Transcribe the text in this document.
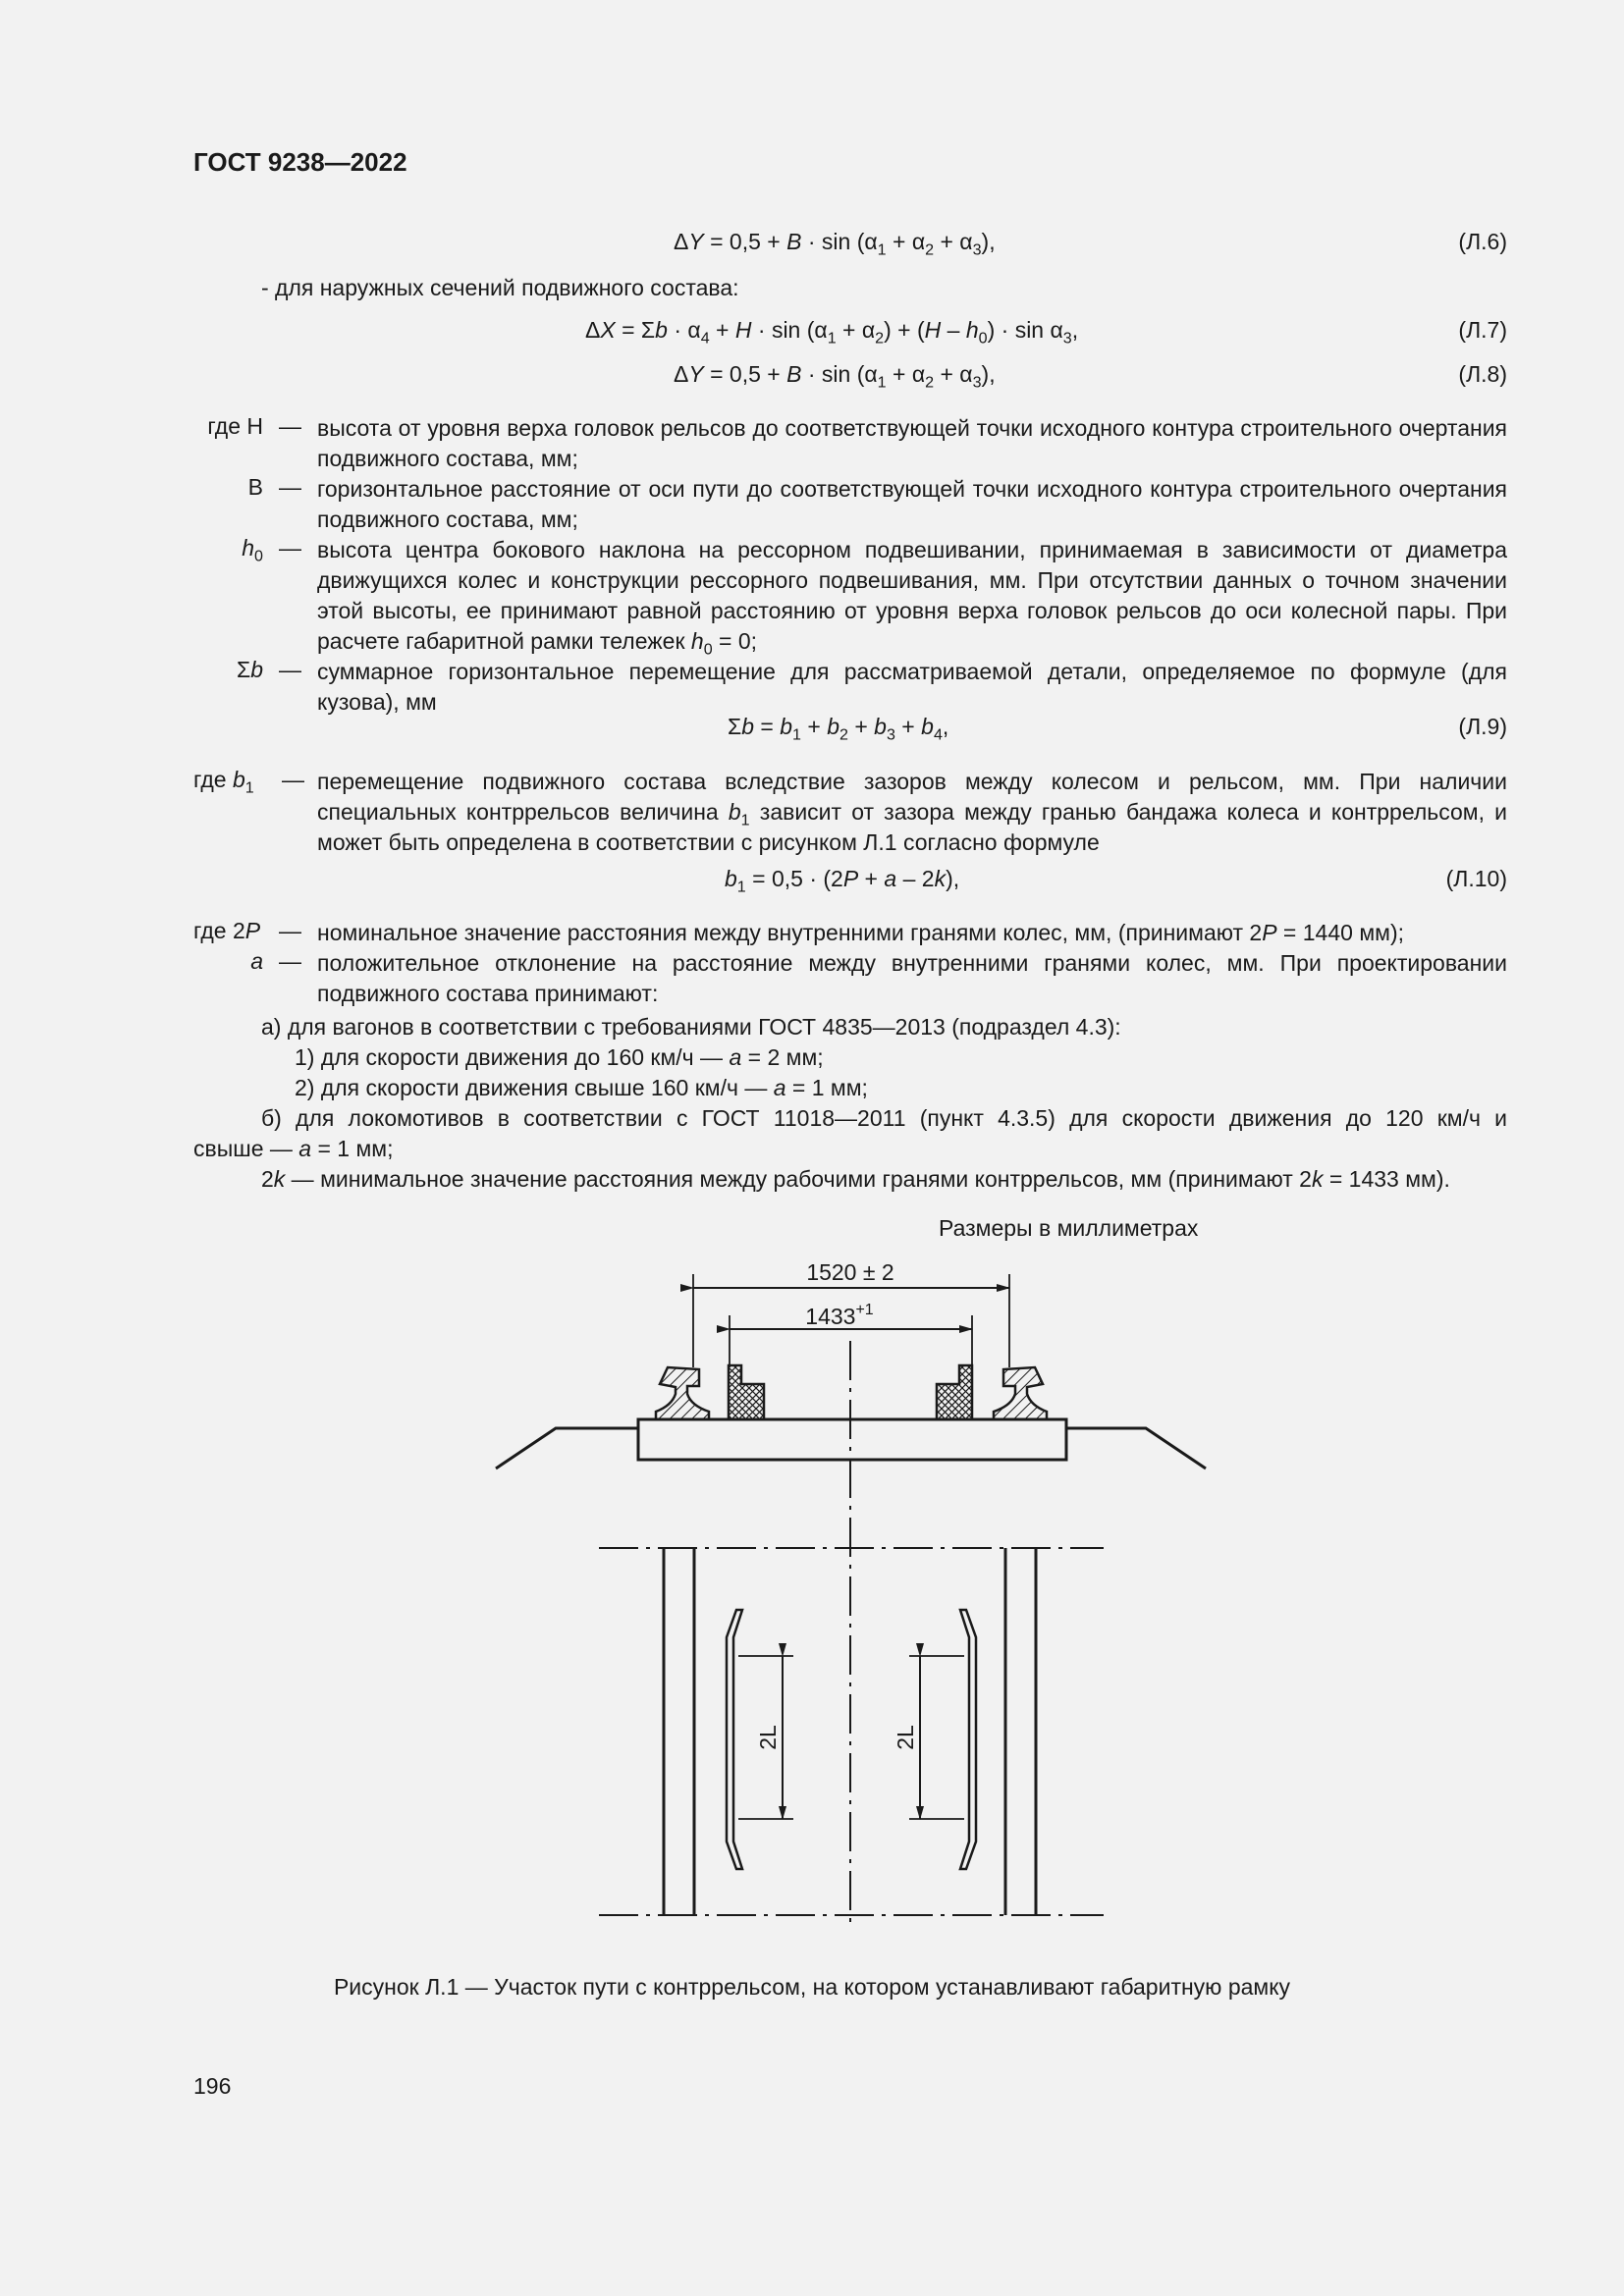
ГОСТ 9238—2022
$\Delta Y = 0,5 + B \cdot \sin (\alpha_1 + \alpha_2 + \alpha_3)$,	(Л.6)
- для наружных сечений подвижного состава:
$\Delta X = \Sigma b \cdot \alpha_4 + H \cdot \sin (\alpha_1 + \alpha_2) + (H - h_0) \cdot \sin \alpha_3$,	(Л.7)
$\Delta Y = 0,5 + B \cdot \sin (\alpha_1 + \alpha_2 + \alpha_3)$,	(Л.8)
где H — высота от уровня верха головок рельсов до соответствующей точки исходного контура строительного очертания подвижного состава, мм;
B — горизонтальное расстояние от оси пути до соответствующей точки исходного контура строительного очертания подвижного состава, мм;
$h_0$ — высота центра бокового наклона на рессорном подвешивании, принимаемая в зависимости от диаметра движущихся колес и конструкции рессорного подвешивания, мм. При отсутствии данных о точном значении этой высоты, ее принимают равной расстоянию от уровня верха головок рельсов до оси колесной пары. При расчете габаритной рамки тележек $h_0 = 0$;
Σb — суммарное горизонтальное перемещение для рассматриваемой детали, определяемое по формуле (для кузова), мм
$\Sigma b = b_1 + b_2 + b_3 + b_4$,	(Л.9)
где $b_1$	— перемещение подвижного состава вследствие зазоров между колесом и рельсом, мм. При наличии специальных контррельсов величина $b_1$ зависит от зазора между гранью бандажа колеса и контррельсом, и может быть определена в соответствии с рисунком Л.1 согласно формуле
$b_1 = 0,5 \cdot (2P + a - 2k)$,	(Л.10)
где 2P — номинальное значение расстояния между внутренними гранями колес, мм, (принимают 2P = 1440 мм);
a — положительное отклонение на расстояние между внутренними гранями колес, мм. При проектировании подвижного состава принимают:
а) для вагонов в соответствии с требованиями ГОСТ 4835—2013 (подраздел 4.3):
1) для скорости движения до 160 км/ч — a = 2 мм;
2) для скорости движения свыше 160 км/ч — a = 1 мм;
б) для локомотивов в соответствии с ГОСТ 11018—2011 (пункт 4.3.5) для скорости движения до 120 км/ч и
свыше — a = 1 мм;
2k — минимальное значение расстояния между рабочими гранями контррельсов, мм (принимают 2k = 1433 мм).
Размеры в миллиметрах
1520 ± 2
$1433^{+1}$
2L	2L
Рисунок Л.1 — Участок пути с контррельсом, на котором устанавливают габаритную рамку
196
